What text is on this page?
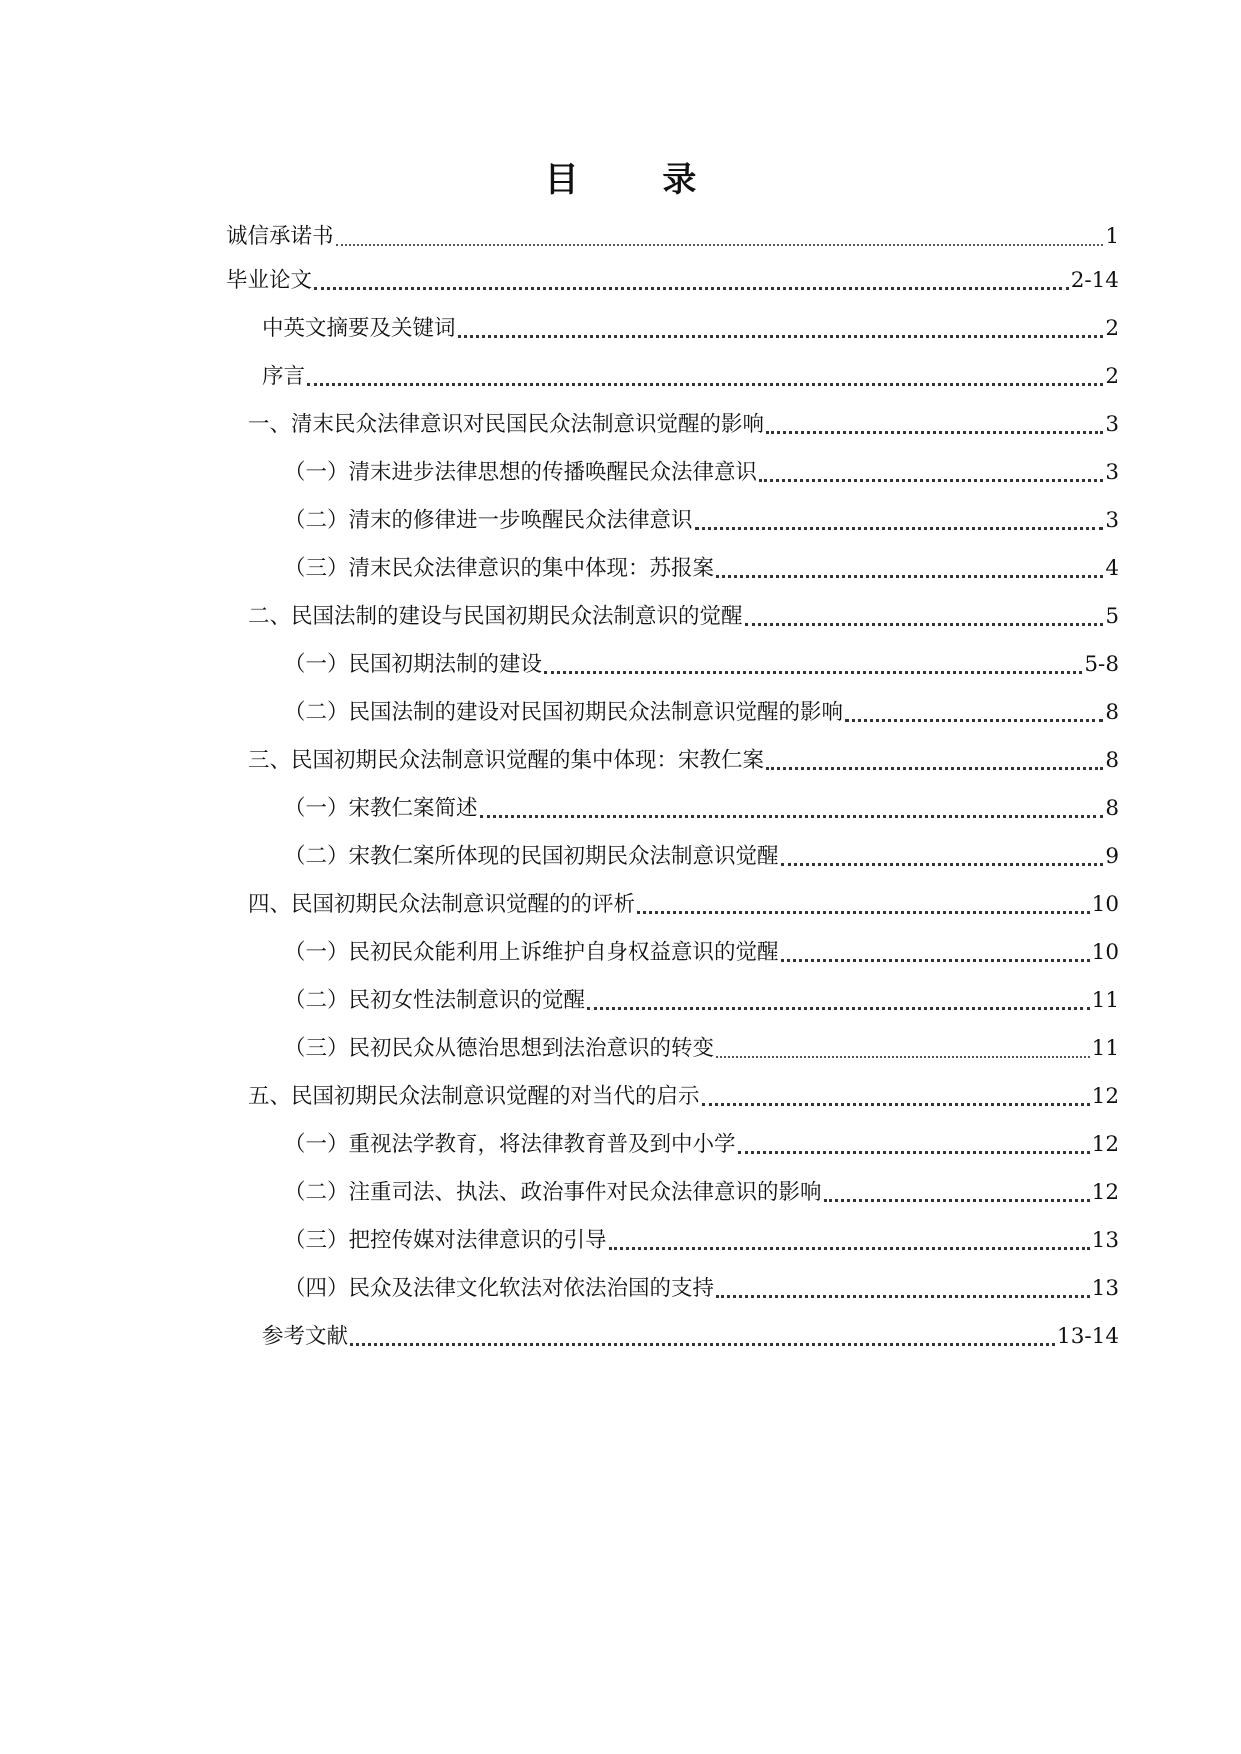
目 录
诚信承诺书	1
毕业论文	2-14
中英文摘要及关键词	2
序言	2
一、清末民众法律意识对民国民众法制意识觉醒的影响	3
（一）清末进步法律思想的传播唤醒民众法律意识	3
（二）清末的修律进一步唤醒民众法律意识	3
（三）清末民众法律意识的集中体现：苏报案	4
二、民国法制的建设与民国初期民众法制意识的觉醒	5
（一）民国初期法制的建设	5-8
（二）民国法制的建设对民国初期民众法制意识觉醒的影响	8
三、民国初期民众法制意识觉醒的集中体现：宋教仁案	8
（一）宋教仁案简述	8
（二）宋教仁案所体现的民国初期民众法制意识觉醒	9
四、民国初期民众法制意识觉醒的的评析	10
（一）民初民众能利用上诉维护自身权益意识的觉醒	10
（二）民初女性法制意识的觉醒	11
（三）民初民众从德治思想到法治意识的转变	11
五、民国初期民众法制意识觉醒的对当代的启示	12
（一）重视法学教育，将法律教育普及到中小学	12
（二）注重司法、执法、政治事件对民众法律意识的影响	12
（三）把控传媒对法律意识的引导	13
（四）民众及法律文化软法对依法治国的支持	13
参考文献	13-14
